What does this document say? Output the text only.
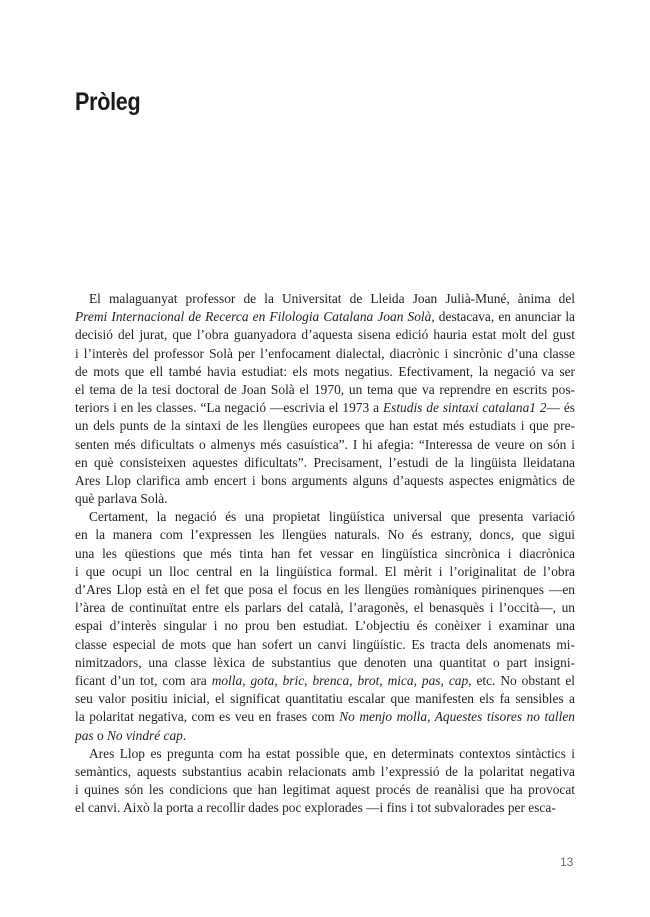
Pròleg
El malaguanyat professor de la Universitat de Lleida Joan Julià-Muné, ànima del
Premi Internacional de Recerca en Filologia Catalana Joan Solà, destacava, en anunciar la
decisió del jurat, que l’obra guanyadora d’aquesta sisena edició hauria estat molt del gust
i l’interès del professor Solà per l’enfocament dialectal, diacrònic i sincrònic d’una classe
de mots que ell també havia estudiat: els mots negatius. Efectivament, la negació va ser
el tema de la tesi doctoral de Joan Solà el 1970, un tema que va reprendre en escrits pos-
teriors i en les classes. “La negació —escrivia el 1973 a Estudis de sintaxi catalana1 2— és
un dels punts de la sintaxi de les llengües europees que han estat més estudiats i que pre-
senten més dificultats o almenys més casuística”. I hi afegia: “Interessa de veure on són i
en què consisteixen aquestes dificultats”. Precisament, l’estudi de la lingüista lleidatana
Ares Llop clarifica amb encert i bons arguments alguns d’aquests aspectes enigmàtics de
què parlava Solà.
Certament, la negació és una propietat lingüística universal que presenta variació
en la manera com l’expressen les llengües naturals. No és estrany, doncs, que sigui
una les qüestions que més tinta han fet vessar en lingüística sincrònica i diacrònica
i que ocupi un lloc central en la lingüística formal. El mèrit i l’originalitat de l’obra
d’Ares Llop està en el fet que posa el focus en les llengües romàniques pirinenques —en
l’àrea de continuïtat entre els parlars del català, l’aragonès, el benasquès i l’occità—, un
espai d’interès singular i no prou ben estudiat. L’objectiu és conèixer i examinar una
classe especial de mots que han sofert un canvi lingüístic. Es tracta dels anomenats mi-
nimitzadors, una classe lèxica de substantius que denoten una quantitat o part insigni-
ficant d’un tot, com ara molla, gota, bric, brenca, brot, mica, pas, cap, etc. No obstant el
seu valor positiu inicial, el significat quantitatiu escalar que manifesten els fa sensibles a
la polaritat negativa, com es veu en frases com No menjo molla, Aquestes tisores no tallen
pas o No vindré cap.
Ares Llop es pregunta com ha estat possible que, en determinats contextos sintàctics i
semàntics, aquests substantius acabin relacionats amb l’expressió de la polaritat negativa
i quines són les condicions que han legitimat aquest procés de reanàlisi que ha provocat
el canvi. Això la porta a recollir dades poc explorades —i fins i tot subvalorades per esca-
13
